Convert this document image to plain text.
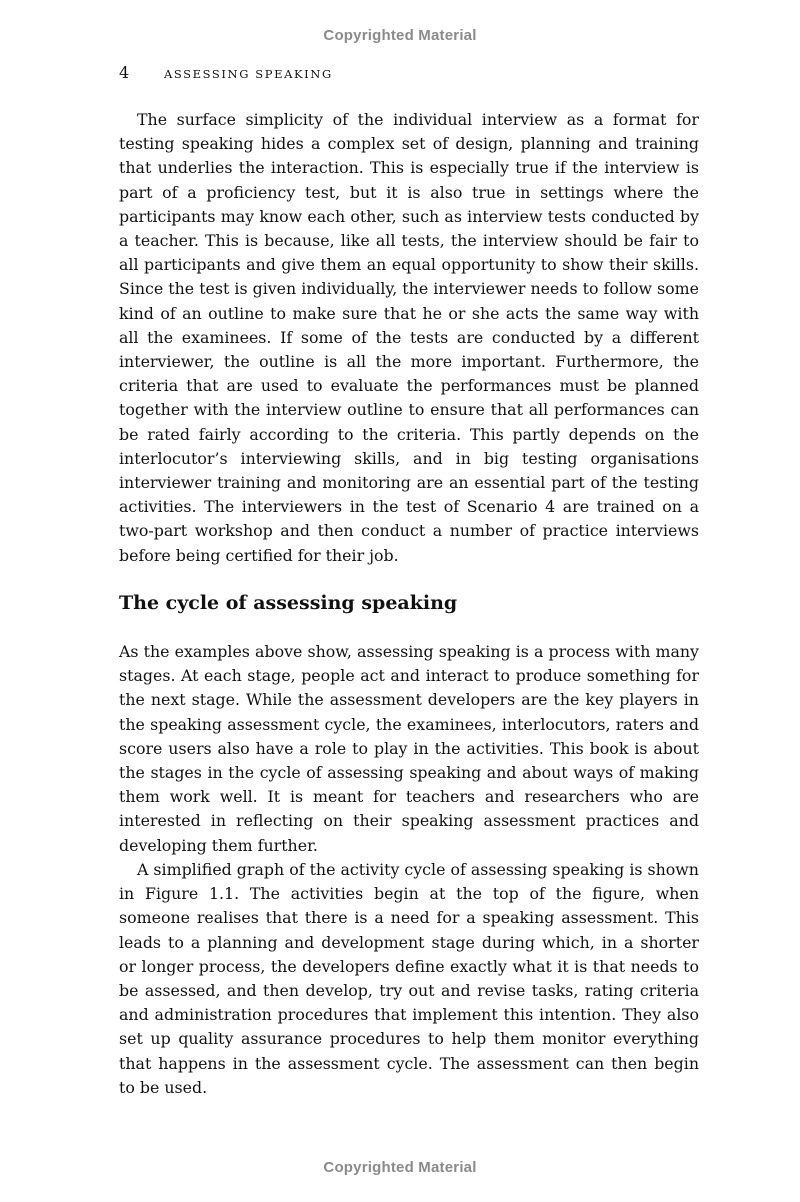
Copyrighted Material
4	ASSESSING SPEAKING

The surface simplicity of the individual interview as a format for testing speaking hides a complex set of design, planning and training that underlies the interaction. This is especially true if the interview is part of a proficiency test, but it is also true in settings where the participants may know each other, such as interview tests conducted by a teacher. This is because, like all tests, the interview should be fair to all participants and give them an equal opportunity to show their skills. Since the test is given individually, the interviewer needs to follow some kind of an outline to make sure that he or she acts the same way with all the examinees. If some of the tests are conducted by a different interviewer, the outline is all the more important. Furthermore, the criteria that are used to evaluate the performances must be planned together with the interview outline to ensure that all performances can be rated fairly according to the criteria. This partly depends on the interlocutor’s interviewing skills, and in big testing organisations interviewer training and monitoring are an essential part of the testing activities. The interviewers in the test of Scenario 4 are trained on a two-part workshop and then conduct a number of practice interviews before being certified for their job.

The cycle of assessing speaking

As the examples above show, assessing speaking is a process with many stages. At each stage, people act and interact to produce something for the next stage. While the assessment developers are the key players in the speaking assessment cycle, the examinees, interlocutors, raters and score users also have a role to play in the activities. This book is about the stages in the cycle of assessing speaking and about ways of making them work well. It is meant for teachers and researchers who are interested in reflecting on their speaking assessment practices and developing them further.

A simplified graph of the activity cycle of assessing speaking is shown in Figure 1.1. The activities begin at the top of the figure, when someone realises that there is a need for a speaking assessment. This leads to a planning and development stage during which, in a shorter or longer process, the developers define exactly what it is that needs to be assessed, and then develop, try out and revise tasks, rating criteria and administration procedures that implement this intention. They also set up quality assurance procedures to help them monitor everything that happens in the assessment cycle. The assessment can then begin to be used.

Copyrighted Material
